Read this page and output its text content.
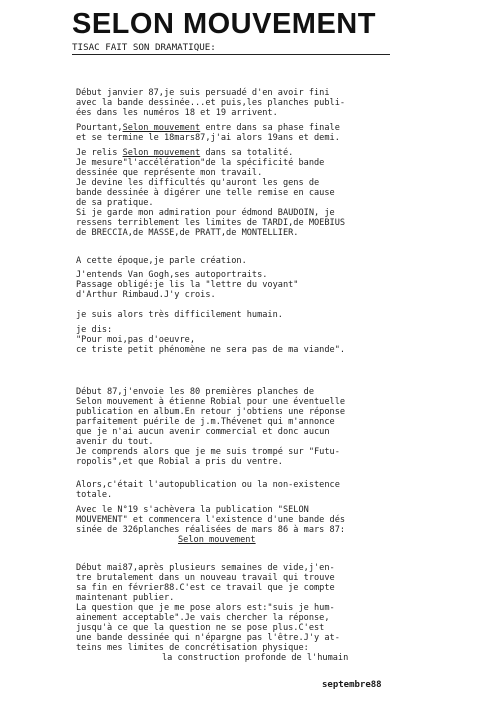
SELON MOUVEMENT
TISAC FAIT SON DRAMATIQUE:
Début janvier 87,je suis persuadé d'en avoir fini
avec la bande dessinée...et puis,les planches publi-
ées dans les numéros 18 et 19 arrivent.
Pourtant,Selon mouvement entre dans sa phase finale
et se termine le 18mars87,j'ai alors 19ans et demi.
Je relis Selon mouvement dans sa totalité.
Je mesure"l'accélération"de la spécificité bande
dessinée que représente mon travail.
Je devine les difficultés qu'auront les gens de
bande dessinée à digérer une telle remise en cause
de sa pratique.
Si je garde mon admiration pour édmond BAUDOIN, je
ressens terriblement les limites de TARDI,de MOEBIUS
de BRECCIA,de MASSE,de PRATT,de MONTELLIER.
A cette époque,je parle création.
J'entends Van Gogh,ses autoportraits.
Passage obligé:je lis la "lettre du voyant"
d'Arthur Rimbaud.J'y crois.
je suis alors très difficilement humain.
je dis:
"Pour moi,pas d'oeuvre,
ce triste petit phénomène ne sera pas de ma viande".
Début 87,j'envoie les 80 premières planches de
Selon mouvement à étienne Robial pour une éventuelle
publication en album.En retour j'obtiens une réponse
parfaitement puérile de j.m.Thévenet qui m'annonce
que je n'ai aucun avenir commercial et donc aucun
avenir du tout.
Je comprends alors que je me suis trompé sur "Futu-
ropolis",et que Robial a pris du ventre.
Alors,c'était l'autopublication ou la non-existence
totale.
Avec le N°19 s'achèvera la publication "SELON
MOUVEMENT" et commencera l'existence d'une bande dés
sinée de 326planches réalisées de mars 86 à mars 87:
Selon mouvement
Début mai87,après plusieurs semaines de vide,j'en-
tre brutalement dans un nouveau travail qui trouve
sa fin en février88.C'est ce travail que je compte
maintenant publier.
La question que je me pose alors est:"suis je hum-
ainement acceptable".Je vais chercher la réponse,
jusqu'à ce que la question ne se pose plus.C'est
une bande dessinée qui n'épargne pas l'être.J'y at-
teins mes limites de concrétisation physique:
la construction profonde de l'humain
septembre88
